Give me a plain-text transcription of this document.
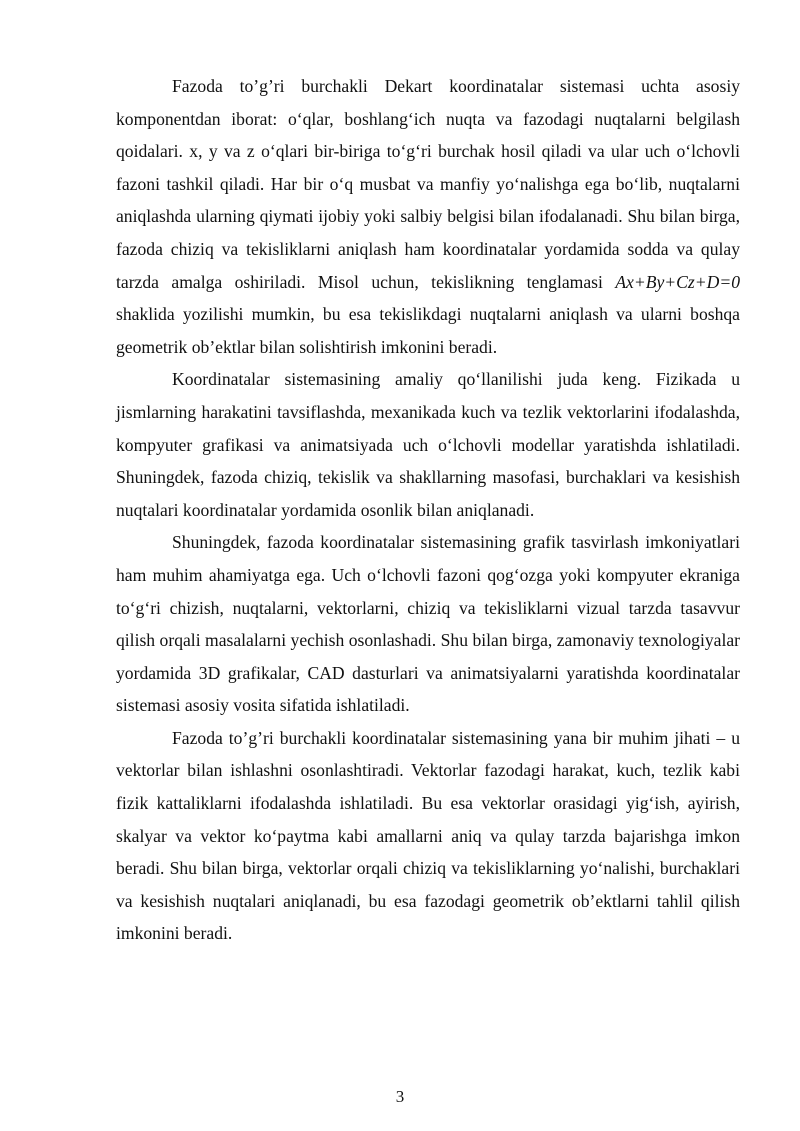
Fazoda to’g’ri burchakli Dekart koordinatalar sistemasi uchta asosiy komponentdan iborat: o‘qlar, boshlang‘ich nuqta va fazodagi nuqtalarni belgilash qoidalari. x, y va z o‘qlari bir-biriga to‘g‘ri burchak hosil qiladi va ular uch o‘lchovli fazoni tashkil qiladi. Har bir o‘q musbat va manfiy yo‘nalishga ega bo‘lib, nuqtalarni aniqlashda ularning qiymati ijobiy yoki salbiy belgisi bilan ifodalanadi. Shu bilan birga, fazoda chiziq va tekisliklarni aniqlash ham koordinatalar yordamida sodda va qulay tarzda amalga oshiriladi. Misol uchun, tekislikning tenglamasi Ax+By+Cz+D=0 shaklida yozilishi mumkin, bu esa tekislikdagi nuqtalarni aniqlash va ularni boshqa geometrik ob’ektlar bilan solishtirish imkonini beradi.

Koordinatalar sistemasining amaliy qo‘llanilishi juda keng. Fizikada u jismlarning harakatini tavsiflashda, mexanikada kuch va tezlik vektorlarini ifodalashda, kompyuter grafikasi va animatsiyada uch o‘lchovli modellar yaratishda ishlatiladi. Shuningdek, fazoda chiziq, tekislik va shakllarning masofasi, burchaklari va kesishish nuqtalari koordinatalar yordamida osonlik bilan aniqlanadi.

Shuningdek, fazoda koordinatalar sistemasining grafik tasvirlash imkoniyatlari ham muhim ahamiyatga ega. Uch o‘lchovli fazoni qog‘ozga yoki kompyuter ekraniga to‘g‘ri chizish, nuqtalarni, vektorlarni, chiziq va tekisliklarni vizual tarzda tasavvur qilish orqali masalalarni yechish osonlashadi. Shu bilan birga, zamonaviy texnologiyalar yordamida 3D grafikalar, CAD dasturlari va animatsiyalarni yaratishda koordinatalar sistemasi asosiy vosita sifatida ishlatiladi.

Fazoda to’g’ri burchakli koordinatalar sistemasining yana bir muhim jihati – u vektorlar bilan ishlashni osonlashtiradi. Vektorlar fazodagi harakat, kuch, tezlik kabi fizik kattaliklarni ifodalashda ishlatiladi. Bu esa vektorlar orasidagi yig‘ish, ayirish, skalyar va vektor ko‘paytma kabi amallarni aniq va qulay tarzda bajarishga imkon beradi. Shu bilan birga, vektorlar orqali chiziq va tekisliklarning yo‘nalishi, burchaklari va kesishish nuqtalari aniqlanadi, bu esa fazodagi geometrik ob’ektlarni tahlil qilish imkonini beradi.

3
